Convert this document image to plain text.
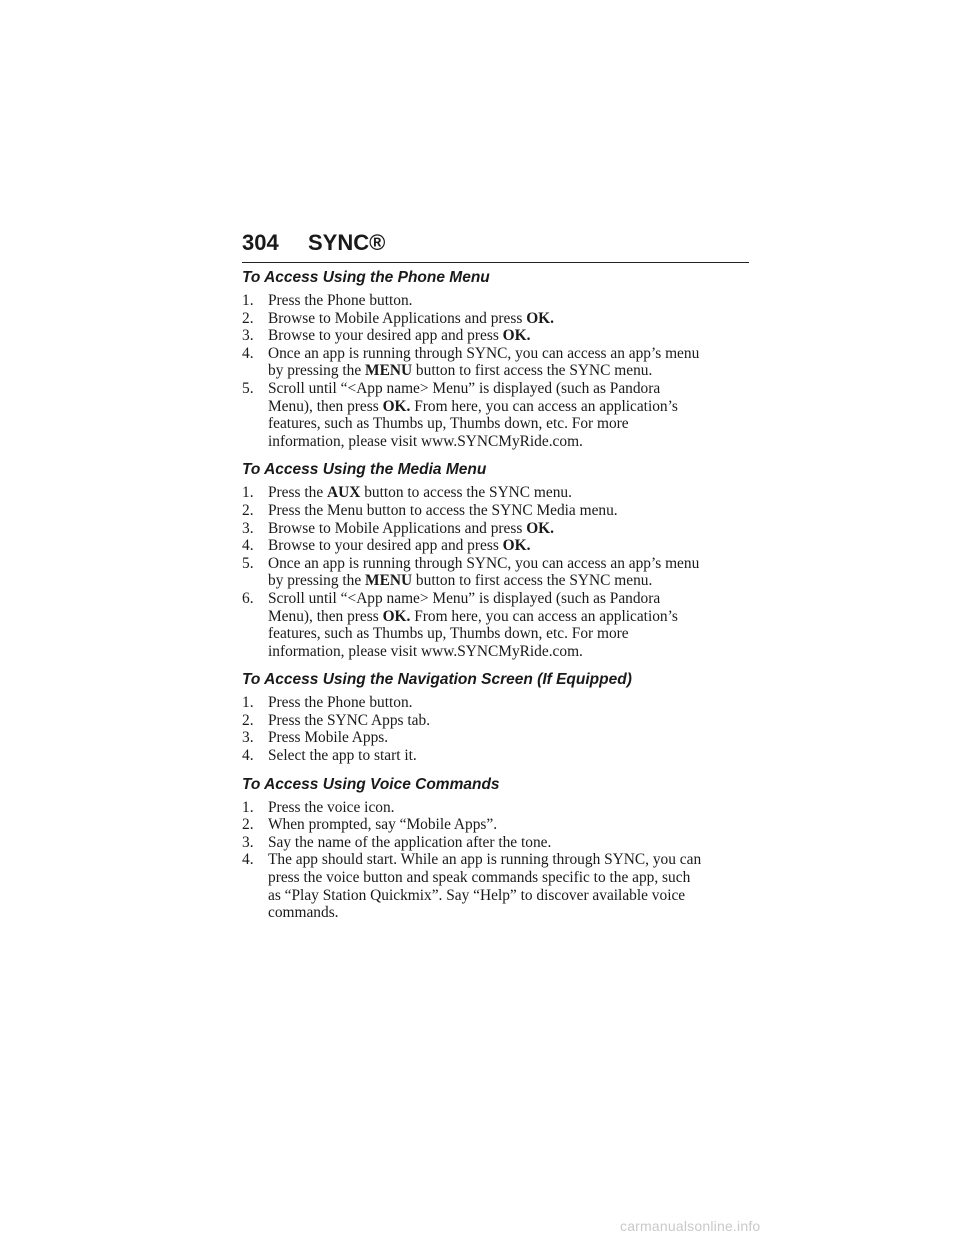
304 SYNC®
To Access Using the Phone Menu
1. Press the Phone button.
2. Browse to Mobile Applications and press OK.
3. Browse to your desired app and press OK.
4. Once an app is running through SYNC, you can access an app’s menu
by pressing the MENU button to first access the SYNC menu.
5. Scroll until “<App name> Menu” is displayed (such as Pandora
Menu), then press OK. From here, you can access an application’s
features, such as Thumbs up, Thumbs down, etc. For more
information, please visit www.SYNCMyRide.com.
To Access Using the Media Menu
1. Press the AUX button to access the SYNC menu.
2. Press the Menu button to access the SYNC Media menu.
3. Browse to Mobile Applications and press OK.
4. Browse to your desired app and press OK.
5. Once an app is running through SYNC, you can access an app’s menu
by pressing the MENU button to first access the SYNC menu.
6. Scroll until “<App name> Menu” is displayed (such as Pandora
Menu), then press OK. From here, you can access an application’s
features, such as Thumbs up, Thumbs down, etc. For more
information, please visit www.SYNCMyRide.com.
To Access Using the Navigation Screen (If Equipped)
1. Press the Phone button.
2. Press the SYNC Apps tab.
3. Press Mobile Apps.
4. Select the app to start it.
To Access Using Voice Commands
1. Press the voice icon.
2. When prompted, say “Mobile Apps”.
3. Say the name of the application after the tone.
4. The app should start. While an app is running through SYNC, you can
press the voice button and speak commands specific to the app, such
as “Play Station Quickmix”. Say “Help” to discover available voice
commands.
carmanualsonline.info
